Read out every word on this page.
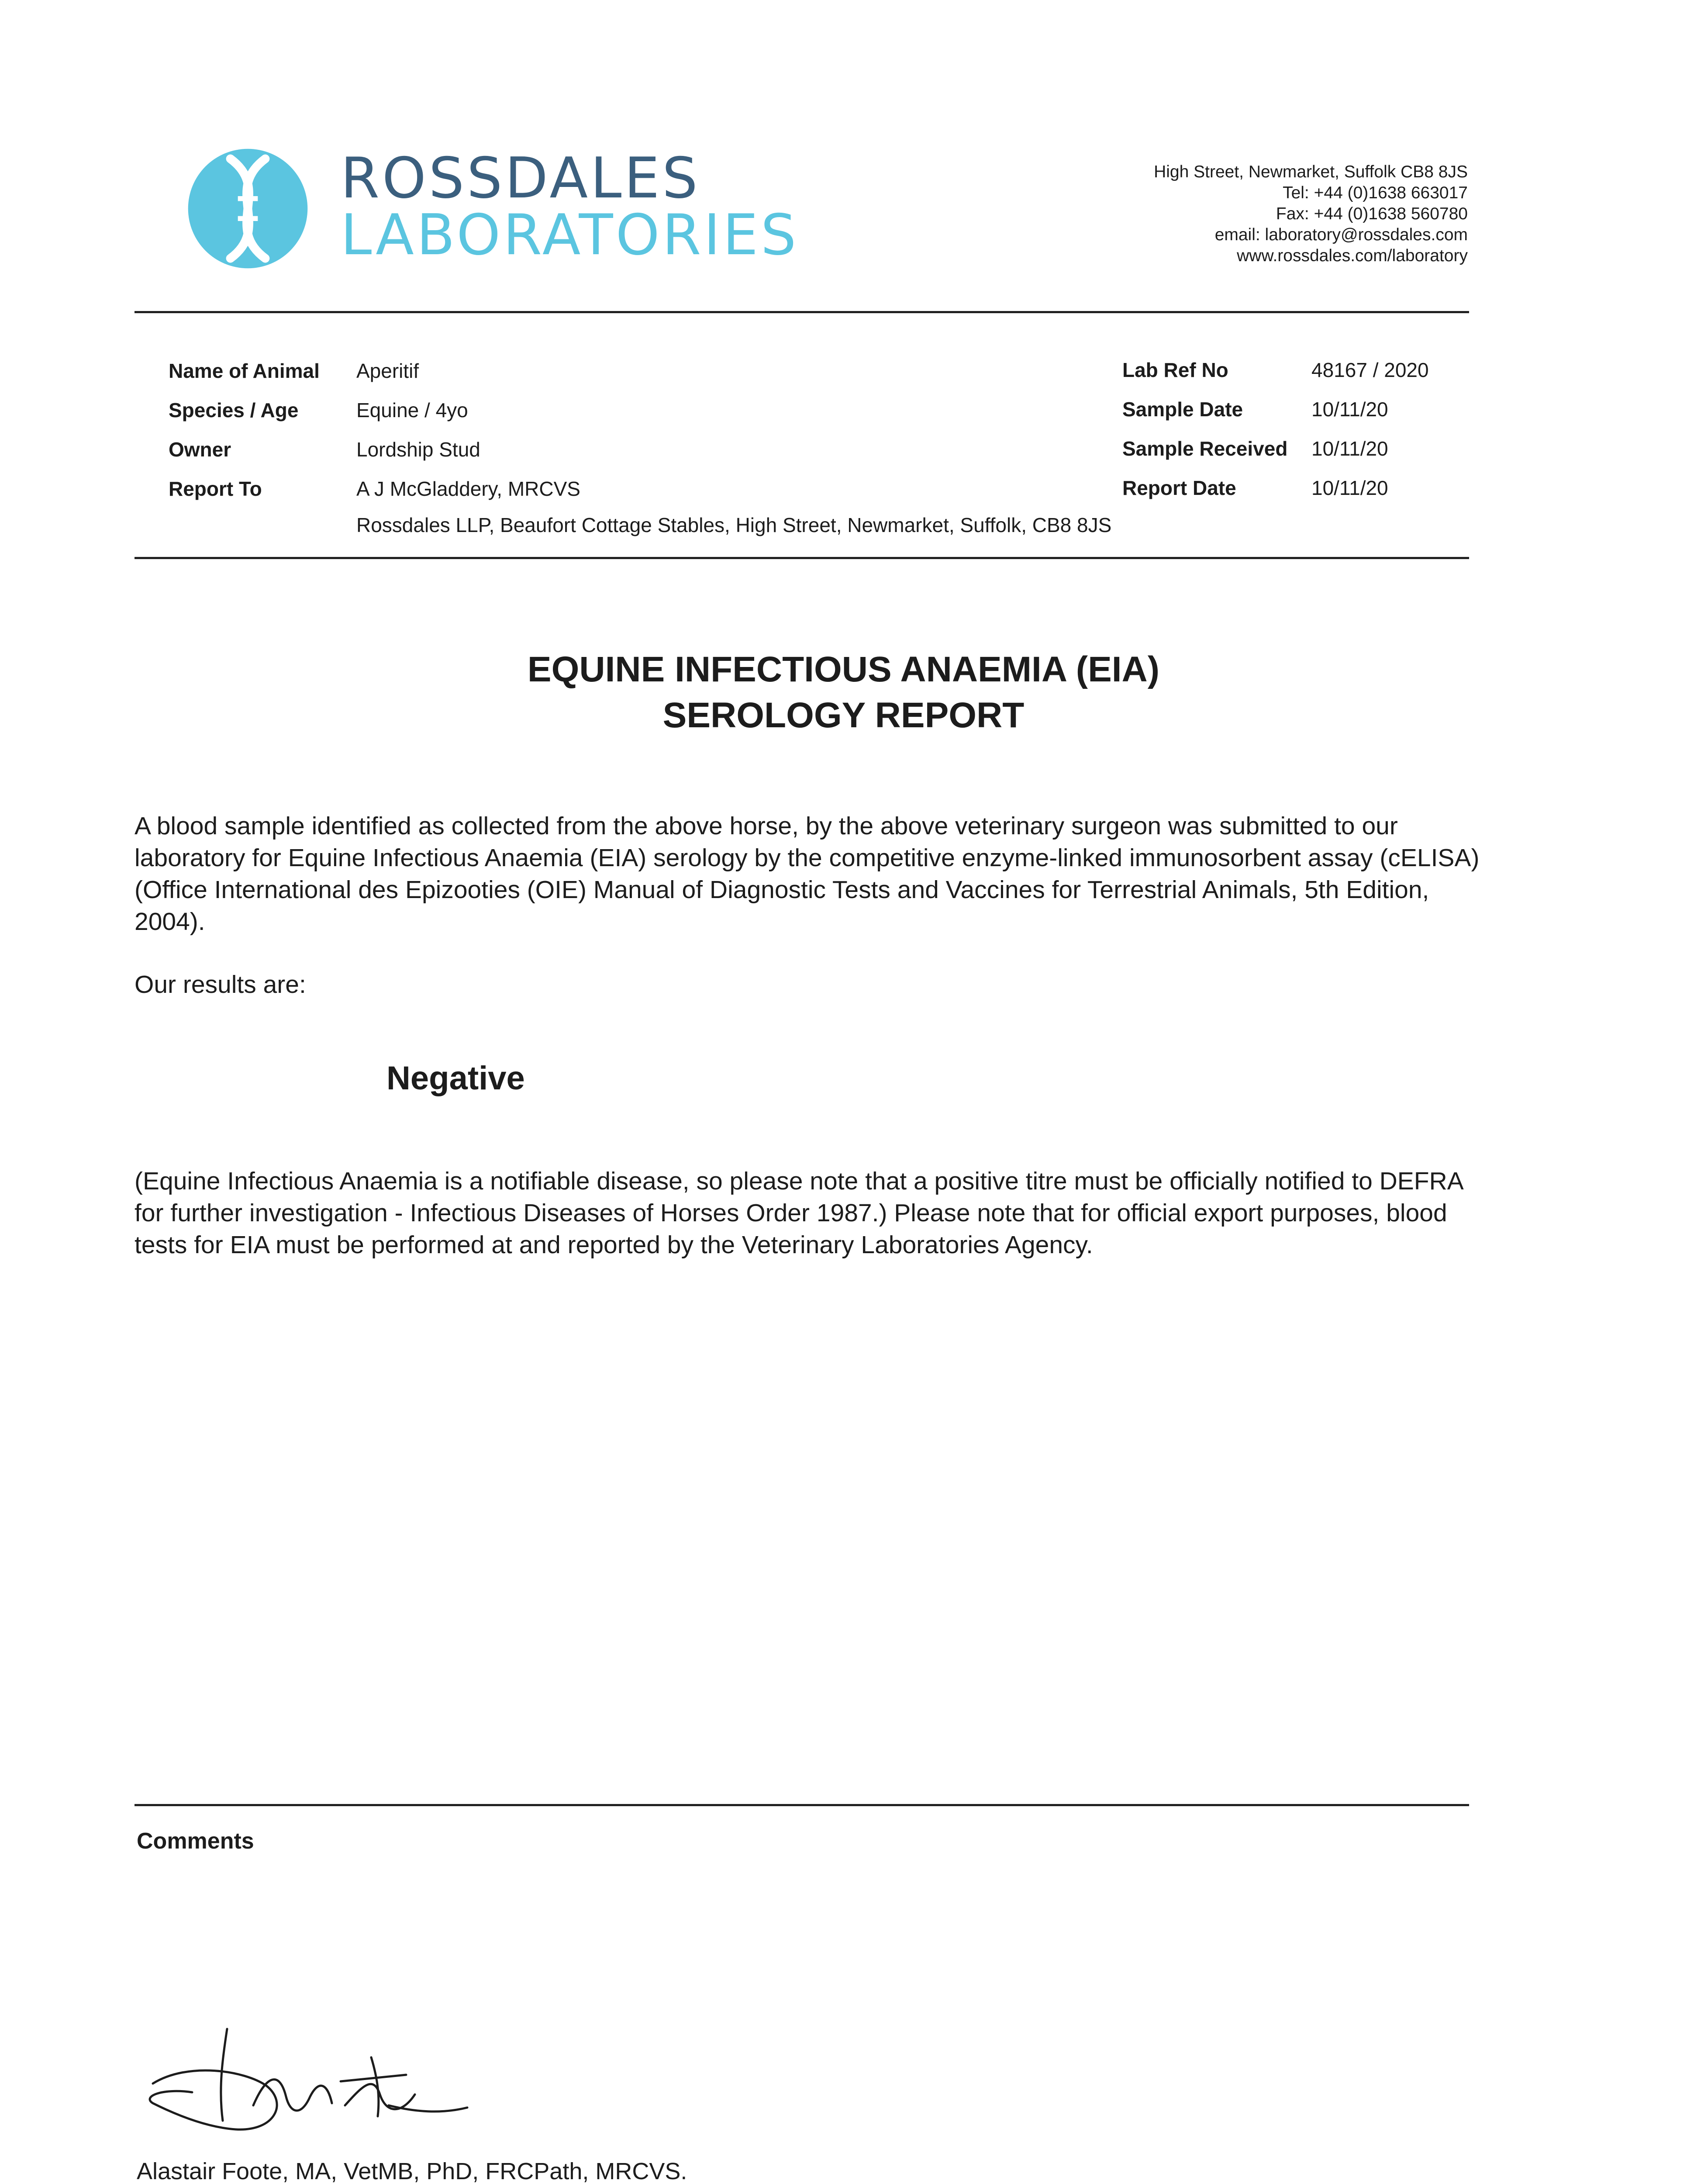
ROSSDALES
LABORATORIES
High Street, Newmarket, Suffolk CB8 8JS
Tel: +44 (0)1638 663017
Fax: +44 (0)1638 560780
email: laboratory@rossdales.com
www.rossdales.com/laboratory
Name of Animal Aperitif
Species / Age	Equine / 4yo
Owner	Lordship Stud
Report To	A J McGladdery, MRCVS
Rossdales LLP, Beaufort Cottage Stables, High Street, Newmarket, Suffolk, CB8 8JS
Lab Ref No	48167 / 2020
Sample Date	10/11/20
Sample Received 10/11/20
Report Date	10/11/20
EQUINE INFECTIOUS ANAEMIA (EIA)
SEROLOGY REPORT
A blood sample identified as collected from the above horse, by the above veterinary surgeon was submitted to our laboratory for Equine Infectious Anaemia (EIA) serology by the competitive enzyme-linked immunosorbent assay (cELISA) (Office International des Epizooties (OIE) Manual of Diagnostic Tests and Vaccines for Terrestrial Animals, 5th Edition, 2004).
Our results are:
Negative
(Equine Infectious Anaemia is a notifiable disease, so please note that a positive titre must be officially notified to DEFRA for further investigation - Infectious Diseases of Horses Order 1987.) Please note that for official export purposes, blood tests for EIA must be performed at and reported by the Veterinary Laboratories Agency.
Comments
Alastair Foote, MA, VetMB, PhD, FRCPath, MRCVS.
